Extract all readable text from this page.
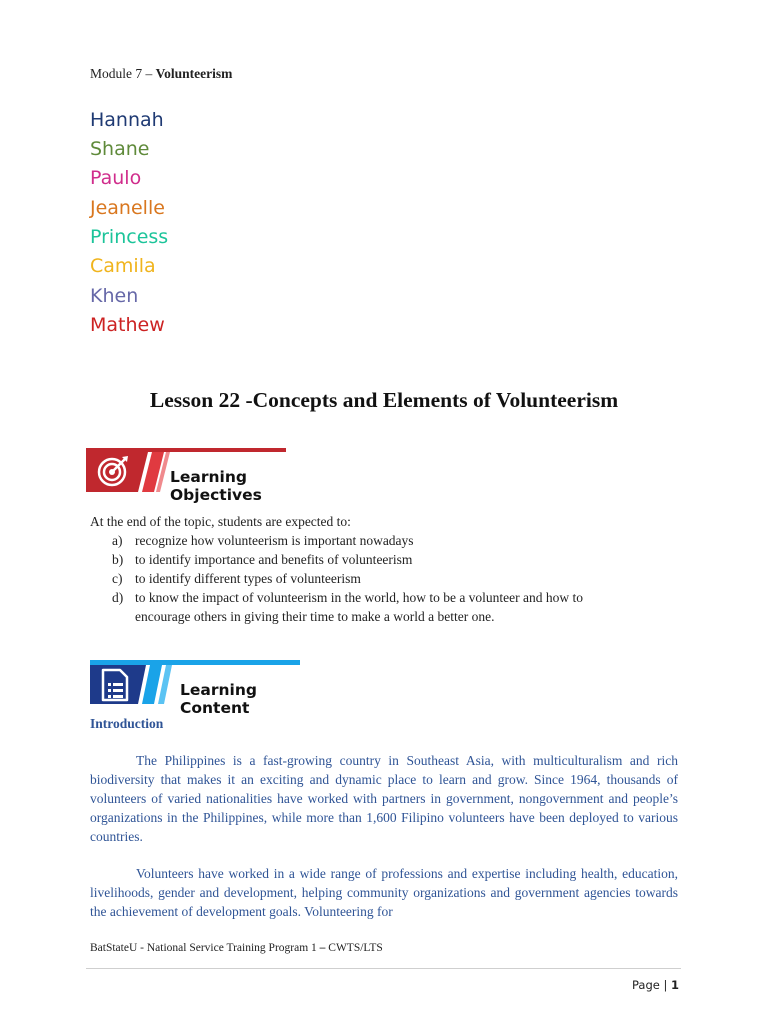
Module 7 – Volunteerism
Hannah
Shane
Paulo
Jeanelle
Princess
Camila
Khen
Mathew
Lesson 22 -Concepts and Elements of Volunteerism
Learning Objectives
At the end of the topic, students are expected to:
a) recognize how volunteerism is important nowadays
b) to identify importance and benefits of volunteerism
c) to identify different types of volunteerism
d) to know the impact of volunteerism in the world, how to be a volunteer and how to encourage others in giving their time to make a world a better one.
Learning Content
Introduction
The Philippines is a fast-growing country in Southeast Asia, with multiculturalism and rich biodiversity that makes it an exciting and dynamic place to learn and grow. Since 1964, thousands of volunteers of varied nationalities have worked with partners in government, nongovernment and people’s organizations in the Philippines, while more than 1,600 Filipino volunteers have been deployed to various countries.
Volunteers have worked in a wide range of professions and expertise including health, education, livelihoods, gender and development, helping community organizations and government agencies towards the achievement of development goals. Volunteering for
BatStateU - National Service Training Program 1 – CWTS/LTS
Page | 1
